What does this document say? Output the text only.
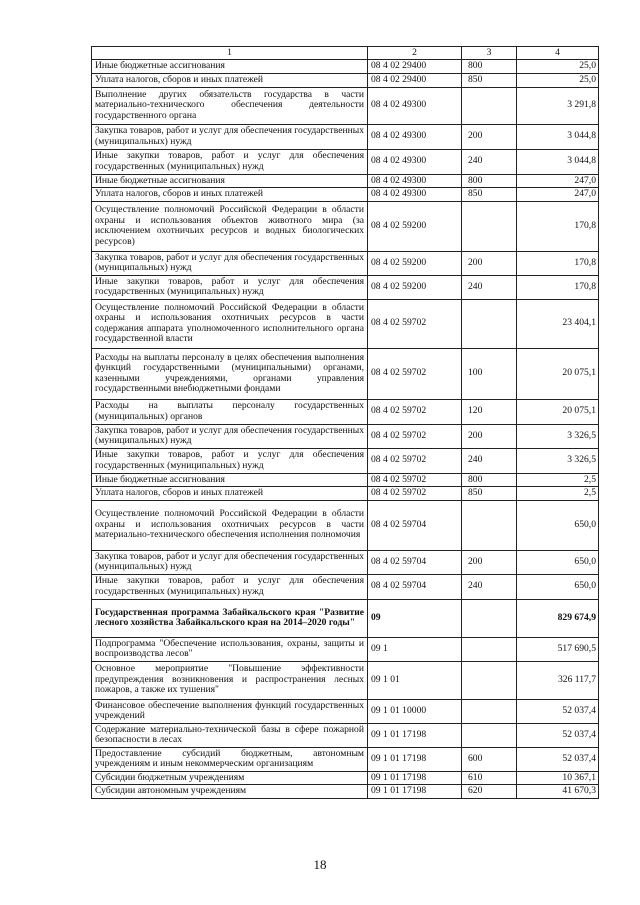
1	2	3	4
Иные бюджетные ассигнования	08 4 02 29400	800	25,0
Уплата налогов, сборов и иных платежей	08 4 02 29400	850	25,0
Выполнение других обязательств государства в части материально-технического обеспечения деятельности государственного органа	08 4 02 49300		3 291,8
Закупка товаров, работ и услуг для обеспечения государственных (муниципальных) нужд	08 4 02 49300	200	3 044,8
Иные закупки товаров, работ и услуг для обеспечения государственных (муниципальных) нужд	08 4 02 49300	240	3 044,8
Иные бюджетные ассигнования	08 4 02 49300	800	247,0
Уплата налогов, сборов и иных платежей	08 4 02 49300	850	247,0
Осуществление полномочий Российской Федерации в области охраны и использования объектов животного мира (за исключением охотничьих ресурсов и водных биологических ресурсов)	08 4 02 59200		170,8
Закупка товаров, работ и услуг для обеспечения государственных (муниципальных) нужд	08 4 02 59200	200	170,8
Иные закупки товаров, работ и услуг для обеспечения государственных (муниципальных) нужд	08 4 02 59200	240	170,8
Осуществление полномочий Российской Федерации в области охраны и использования охотничьих ресурсов в части содержания аппарата уполномоченного исполнительного органа государственной власти	08 4 02 59702		23 404,1
Расходы на выплаты персоналу в целях обеспечения выполнения функций государственными (муниципальными) органами, казенными учреждениями, органами управления государственными внебюджетными фондами	08 4 02 59702	100	20 075,1
Расходы на выплаты персоналу государственных (муниципальных) органов	08 4 02 59702	120	20 075,1
Закупка товаров, работ и услуг для обеспечения государственных (муниципальных) нужд	08 4 02 59702	200	3 326,5
Иные закупки товаров, работ и услуг для обеспечения государственных (муниципальных) нужд	08 4 02 59702	240	3 326,5
Иные бюджетные ассигнования	08 4 02 59702	800	2,5
Уплата налогов, сборов и иных платежей	08 4 02 59702	850	2,5
Осуществление полномочий Российской Федерации в области охраны и использования охотничьих ресурсов в части материально-технического обеспечения исполнения полномочия	08 4 02 59704		650,0
Закупка товаров, работ и услуг для обеспечения государственных (муниципальных) нужд	08 4 02 59704	200	650,0
Иные закупки товаров, работ и услуг для обеспечения государственных (муниципальных) нужд	08 4 02 59704	240	650,0
Государственная программа Забайкальского края "Развитие лесного хозяйства Забайкальского края на 2014–2020 годы"	09		829 674,9
Подпрограмма "Обеспечение использования, охраны, защиты и воспроизводства лесов"	09 1		517 690,5
Основное мероприятие "Повышение эффективности предупреждения возникновения и распространения лесных пожаров, а также их тушения"	09 1 01		326 117,7
Финансовое обеспечение выполнения функций государственных учреждений	09 1 01 10000		52 037,4
Содержание материально-технической базы в сфере пожарной безопасности в лесах	09 1 01 17198		52 037,4
Предоставление субсидий бюджетным, автономным учреждениям и иным некоммерческим организациям	09 1 01 17198	600	52 037,4
Субсидии бюджетным учреждениям	09 1 01 17198	610	10 367,1
Субсидии автономным учреждениям	09 1 01 17198	620	41 670,3
18
